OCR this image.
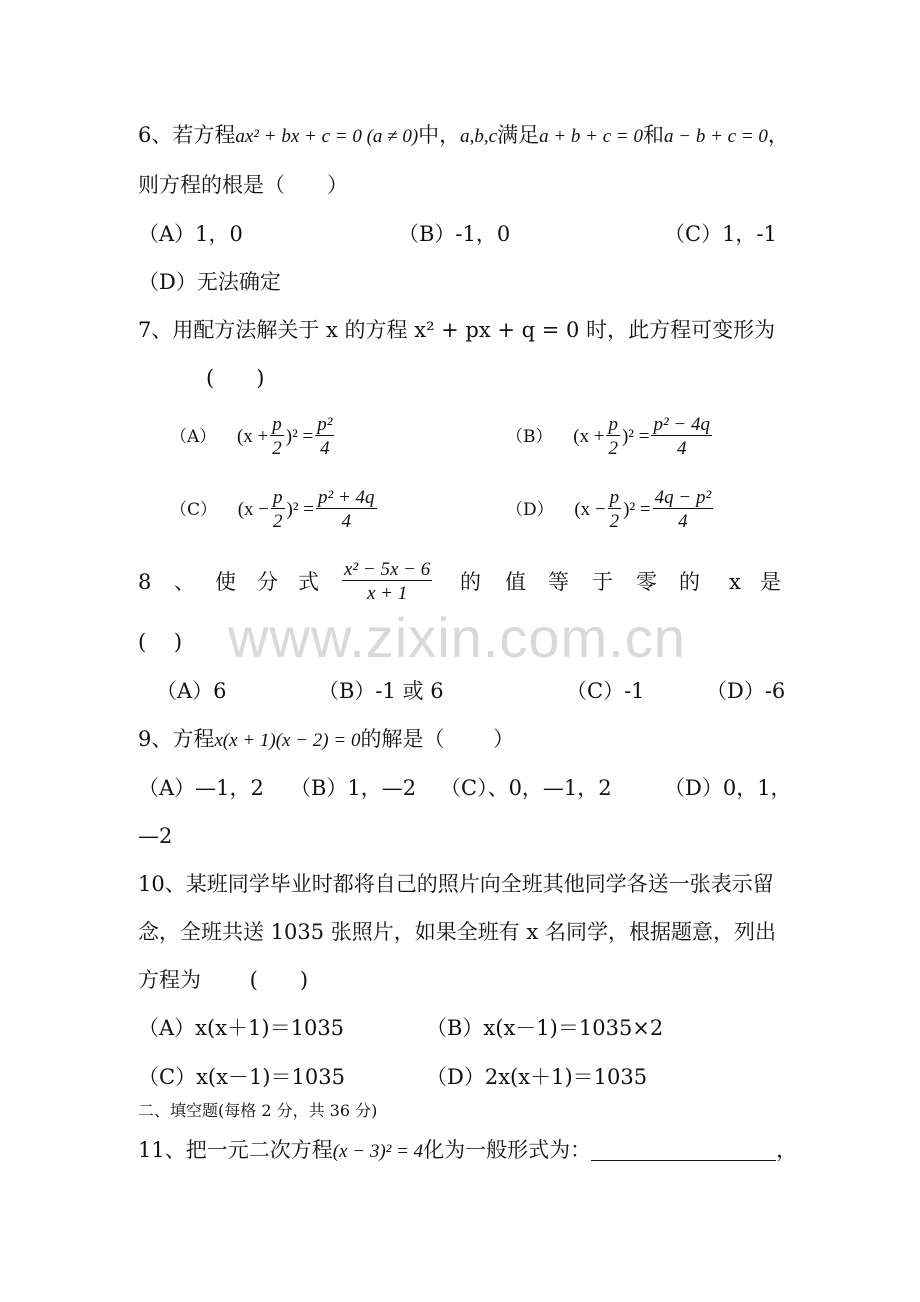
www.zixin.com.cn
6、若方程ax² + bx + c = 0 (a ≠ 0)中，a,b,c满足a + b + c = 0和a − b + c = 0，
则方程的根是（　　）
（A）1，0	（B）-1，0	（C）1，-1
（D）无法确定
7、用配方法解关于 x 的方程 x² + px + q = 0 时，此方程可变形为
(　　)
（A） $(x + \frac{p}{2} )^2 = \frac{\text{p²}}{4}$	（B） $(x + \frac{p}{2} )^2 = \frac{\text{p² − 4q}}{4}$
（C） $(x - \frac{p}{2} )^2 = \frac{\text{p² + 4q}}{4}$	（D） $(x - \frac{p}{2} )^2 = \frac{\text{4q − p²}}{4}$
8 、 使 分 式 $\frac{\text{x² − 5x − 6}}{x + 1}$ 的 值 等 于 零 的 x 是
(　 )
（A）6	（B）-1 或 6	（C）-1	（D）-6
9、方程x(x + 1)(x − 2) = 0的解是（　　 ）
（A）—1，2 （B）1，—2 （C）、0，—1，2 （D）0，1，
—2
10、某班同学毕业时都将自己的照片向全班其他同学各送一张表示留
念，全班共送 1035 张照片，如果全班有 x 名同学，根据题意，列出
方程为　　 (　　)
（A）x(x＋1)＝1035	（B）x(x－1)＝1035×2
（C）x(x－1)＝1035	（D）2x(x＋1)＝1035
二、填空题(每格 2 分，共 36 分)
11、把一元二次方程(x − 3)² = 4化为一般形式为：	，
